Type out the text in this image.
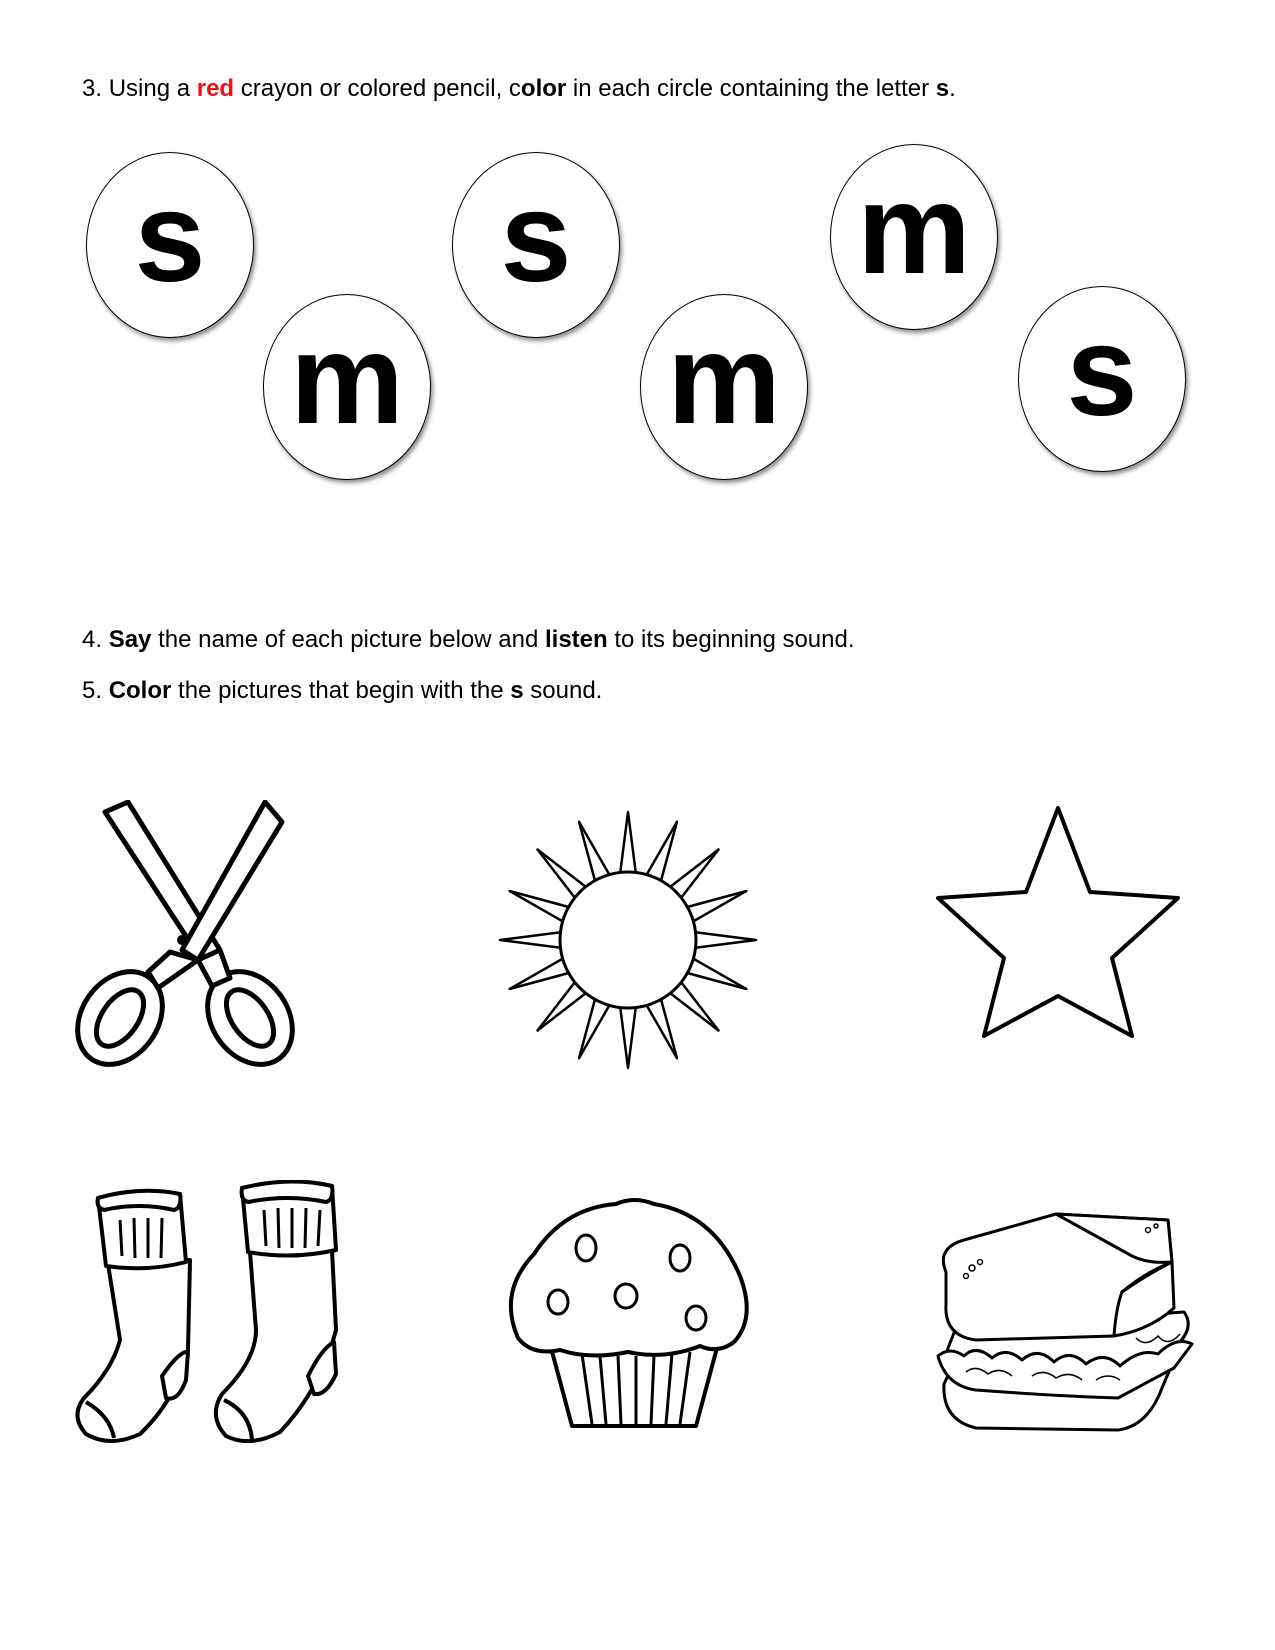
3. Using a red crayon or colored pencil, color in each circle containing the letter s.
s
m
s
m
m
s
4. Say the name of each picture below and listen to its beginning sound.
5. Color the pictures that begin with the s sound.
